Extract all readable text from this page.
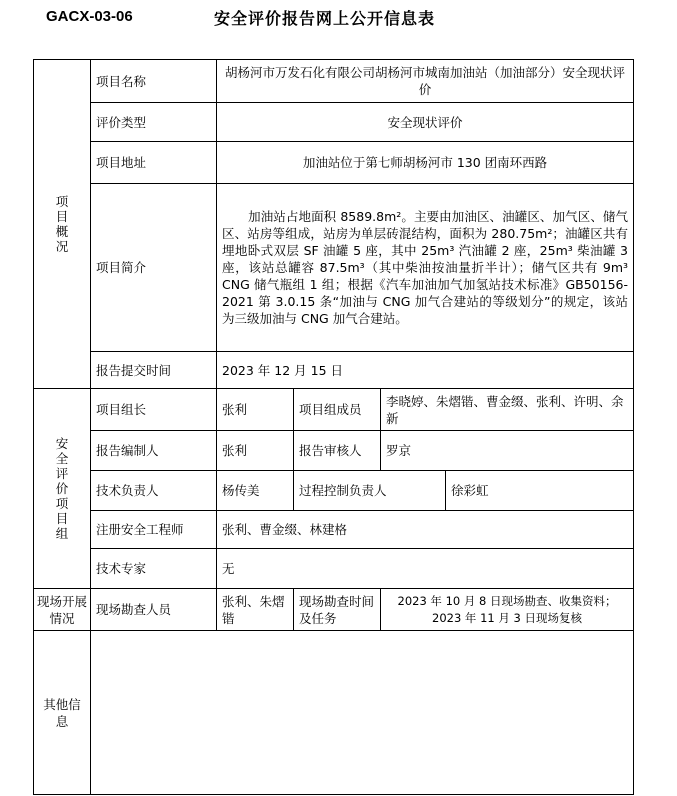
GACX-03-06	安全评价报告网上公开信息表
项目概况	项目名称	胡杨河市万发石化有限公司胡杨河市城南加油站（加油部分）安全现状评价			
	评价类型	安全现状评价			
	项目地址	加油站位于第七师胡杨河市 130 团南环西路			
	项目简介	加油站占地面积 8589.8m²。主要由加油区、油罐区、加气区、储气区、站房等组成，站房为单层砖混结构，面积为 280.75m²；油罐区共有埋地卧式双层 SF 油罐 5 座，其中 25m³ 汽油罐 2 座，25m³ 柴油罐 3 座，该站总罐容 87.5m³（其中柴油按油量折半计）；储气区共有 9m³ CNG 储气瓶组 1 组；根据《汽车加油加气加氢站技术标准》GB50156-2021 第 3.0.15 条“加油与 CNG 加气合建站的等级划分”的规定，该站为三级加油与 CNG 加气合建站。			
	报告提交时间	2023 年 12 月 15 日			
安全评价项目组	项目组长	张利	项目组成员	李晓婷、朱熠锴、曹金缀、张利、许明、余新	
	报告编制人	张利	报告审核人	罗京	
	技术负责人	杨传美	过程控制负责人		徐彩虹
	注册安全工程师	张利、曹金缀、林建格			
	技术专家	无			
现场开展情况	现场勘查人员	张利、朱熠锴	现场勘查时间及任务	2023 年 10 月 8 日现场勘查、收集资料；
2023 年 11 月 3 日现场复核	

其他信息					
